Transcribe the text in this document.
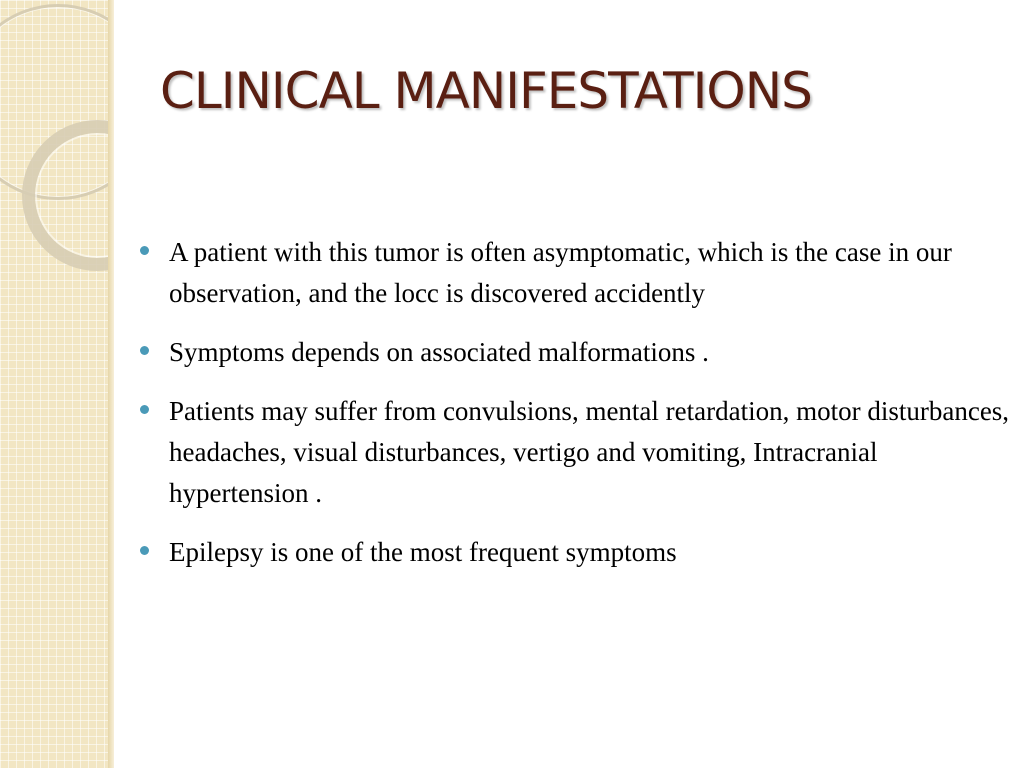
CLINICAL MANIFESTATIONS
A patient with this tumor is often asymptomatic, which is the case in our observation, and the locc is discovered accidently
Symptoms depends on associated malformations .
Patients may suffer from convulsions, mental retardation, motor disturbances, headaches, visual disturbances, vertigo and vomiting, Intracranial hypertension .
Epilepsy is one of the most frequent symptoms
